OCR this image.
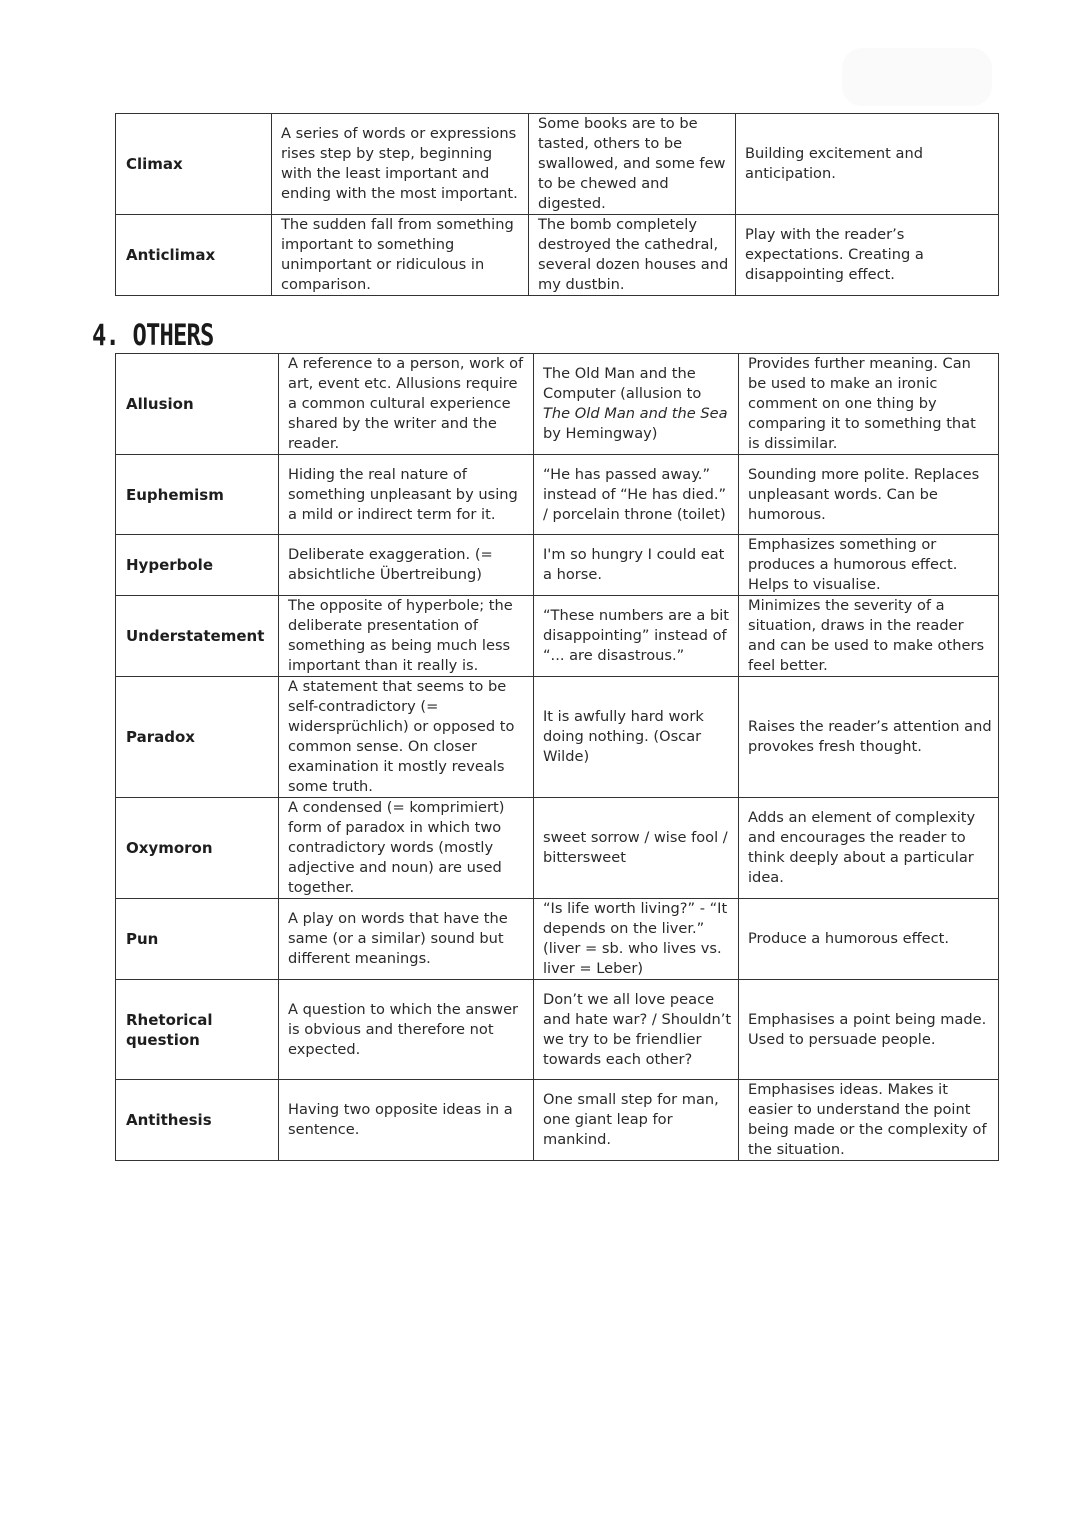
Climax	A series of words or expressions rises step by step, beginning with the least important and ending with the most important.	Some books are to be tasted, others to be swallowed, and some few to be chewed and digested.	Building excitement and anticipation.
Anticlimax	The sudden fall from something important to something unimportant or ridiculous in comparison.	The bomb completely destroyed the cathedral, several dozen houses and my dustbin.	Play with the reader’s expectations. Creating a disappointing effect.
4. OTHERS
Allusion	A reference to a person, work of art, event etc. Allusions require a common cultural experience shared by the writer and the reader.	The Old Man and the Computer (allusion to The Old Man and the Sea by Hemingway)	Provides further meaning. Can be used to make an ironic comment on one thing by comparing it to something that is dissimilar.
Euphemism	Hiding the real nature of something unpleasant by using a mild or indirect term for it.	“He has passed away.” instead of “He has died.” / porcelain throne (toilet)	Sounding more polite. Replaces unpleasant words. Can be humorous.
Hyperbole	Deliberate exaggeration. (= absichtliche Übertreibung)	I'm so hungry I could eat a horse.	Emphasizes something or produces a humorous effect. Helps to visualise.
Understatement	The opposite of hyperbole; the deliberate presentation of something as being much less important than it really is.	“These numbers are a bit disappointing” instead of “... are disastrous.”	Minimizes the severity of a situation, draws in the reader and can be used to make others feel better.
Paradox	A statement that seems to be self-contradictory (= widersprüchlich) or opposed to common sense. On closer examination it mostly reveals some truth.	It is awfully hard work doing nothing. (Oscar Wilde)	Raises the reader’s attention and provokes fresh thought.
Oxymoron	A condensed (= komprimiert) form of paradox in which two contradictory words (mostly adjective and noun) are used together.	sweet sorrow / wise fool / bittersweet	Adds an element of complexity and encourages the reader to think deeply about a particular idea.
Pun	A play on words that have the same (or a similar) sound but different meanings.	“Is life worth living?” - “It depends on the liver.” (liver = sb. who lives vs. liver = Leber)	Produce a humorous effect.
Rhetorical question	A question to which the answer is obvious and therefore not expected.	Don’t we all love peace and hate war? / Shouldn’t we try to be friendlier towards each other?	Emphasises a point being made. Used to persuade people.
Antithesis	Having two opposite ideas in a sentence.	One small step for man, one giant leap for mankind.	Emphasises ideas. Makes it easier to understand the point being made or the complexity of the situation.
